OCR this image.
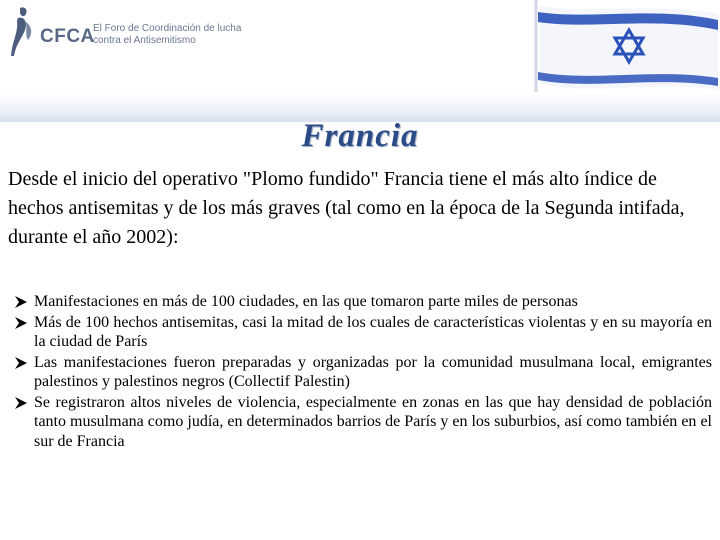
CFCA
El Foro de Coordinación de lucha contra el Antisemitismo
Francia
Desde el inicio del operativo "Plomo fundido" Francia tiene el más alto índice de hechos antisemitas y de los más graves (tal como en la época de la Segunda intifada, durante el año 2002):
Manifestaciones en más de 100 ciudades, en las que tomaron parte miles de personas
Más de 100 hechos antisemitas, casi la mitad de los cuales de características violentas y en su mayoría en la ciudad de París
Las manifestaciones fueron preparadas y organizadas por la comunidad musulmana local, emigrantes palestinos y palestinos negros (Collectif Palestin)
Se registraron altos niveles de violencia, especialmente en zonas en las que hay densidad de población tanto musulmana como judía, en determinados barrios de París y en los suburbios, así como también en el sur de Francia
